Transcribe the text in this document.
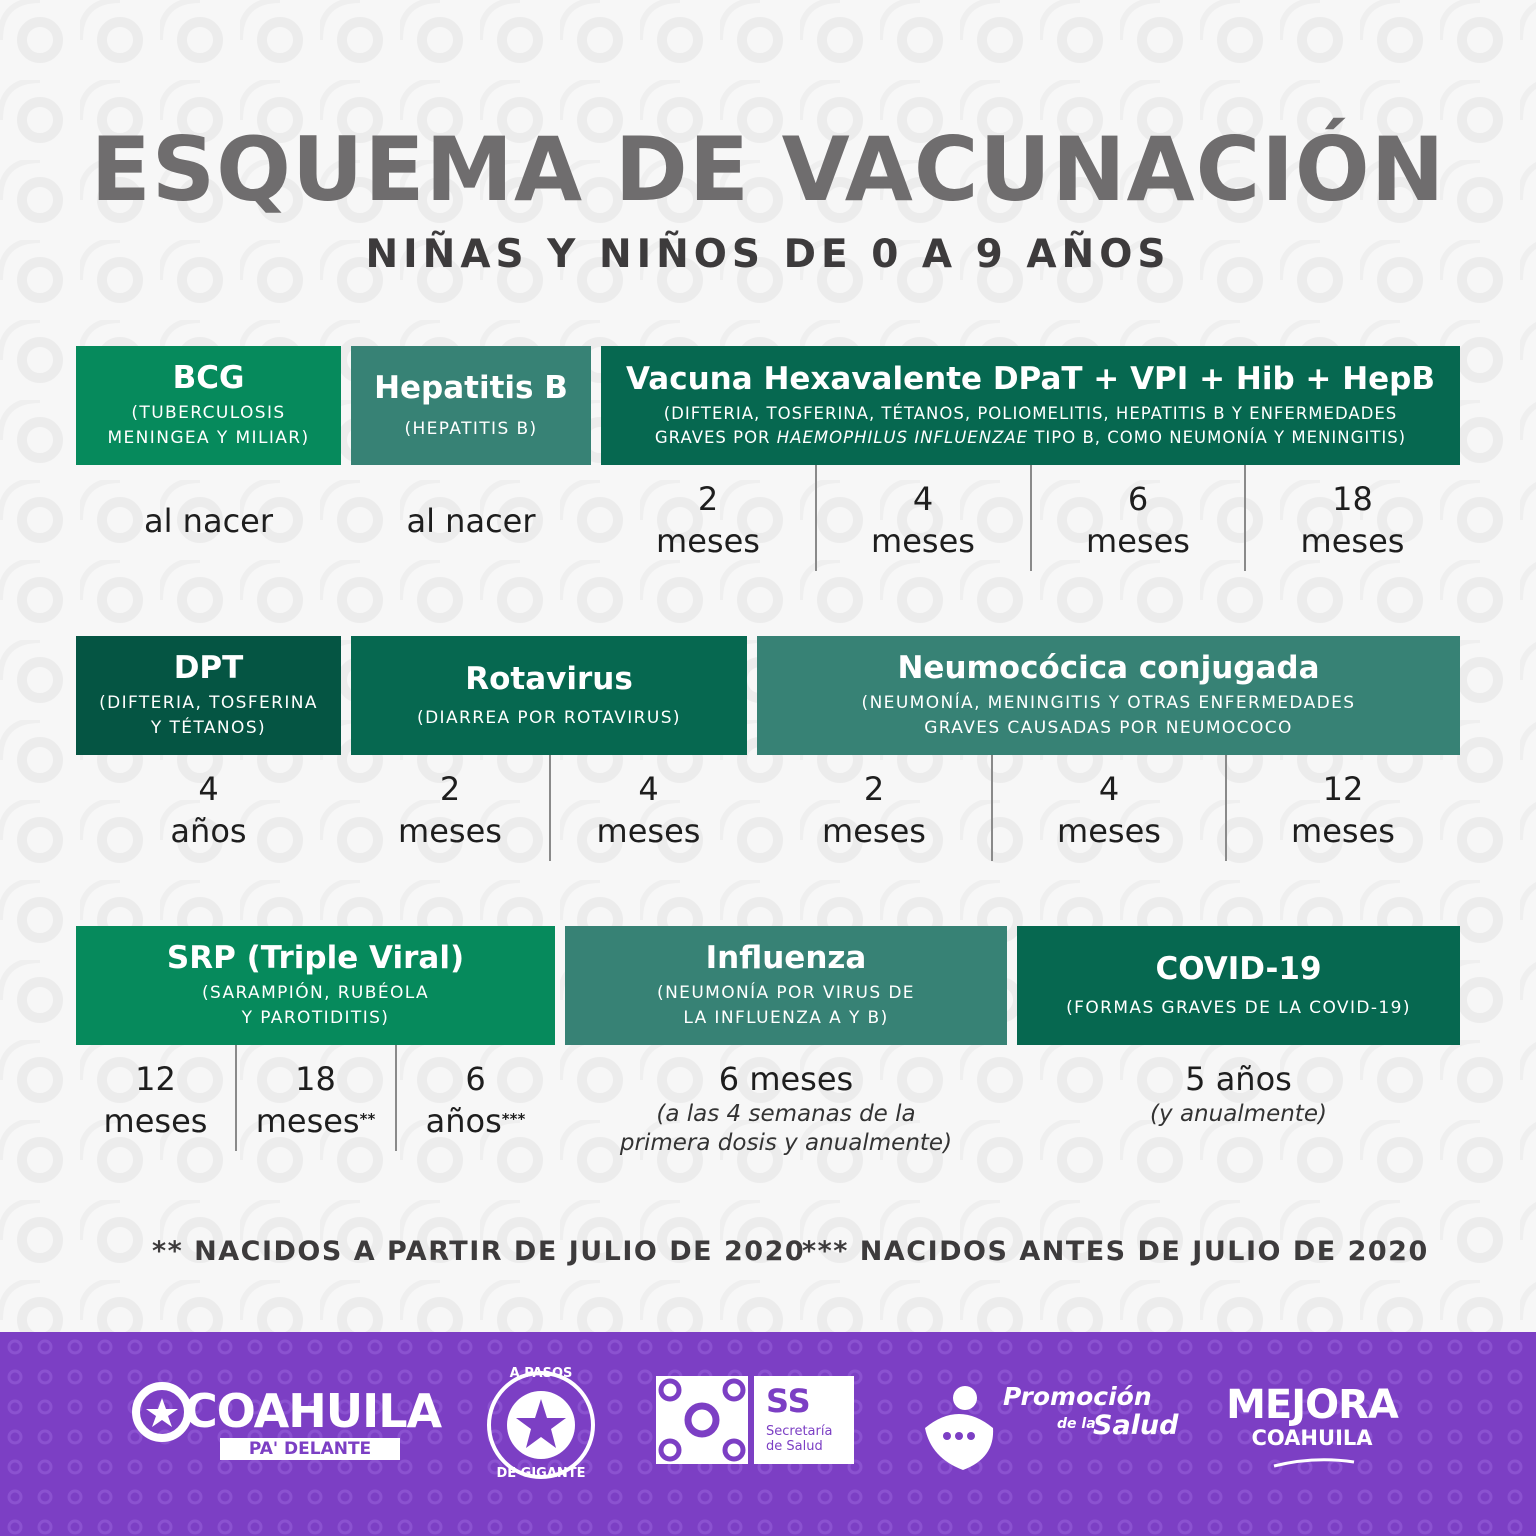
ESQUEMA DE VACUNACIÓN
NIÑAS Y NIÑOS DE 0 A 9 AÑOS
BCG
(TUBERCULOSIS
MENINGEA Y MILIAR)
Hepatitis B
(HEPATITIS B)
Vacuna Hexavalente DPaT + VPI + Hib + HepB
(DIFTERIA, TOSFERINA, TÉTANOS, POLIOMELITIS, HEPATITIS B Y ENFERMEDADES
GRAVES POR HAEMOPHILUS INFLUENZAE TIPO B, COMO NEUMONÍA Y MENINGITIS)
al nacer	al nacer
2
meses
4
meses
6
meses
18
meses
DPT
(DIFTERIA, TOSFERINA
Y TÉTANOS)
Rotavirus
(DIARREA POR ROTAVIRUS)
Neumocócica conjugada
(NEUMONÍA, MENINGITIS Y OTRAS ENFERMEDADES
GRAVES CAUSADAS POR NEUMOCOCO
4
años
2
meses
4
meses
2
meses
4
meses
12
meses
SRP (Triple Viral)
(SARAMPIÓN, RUBÉOLA
Y PAROTIDITIS)
Influenza
(NEUMONÍA POR VIRUS DE
LA INFLUENZA A Y B)
COVID-19
(FORMAS GRAVES DE LA COVID-19)
12
meses
18
meses**
6
años***
6 meses
(a las 4 semanas de la
primera dosis y anualmente)
5 años
(y anualmente)
** NACIDOS A PARTIR DE JULIO DE 2020
*** NACIDOS ANTES DE JULIO DE 2020
COAHUILA
PA' DELANTE
A PASOS
DE GIGANTE
SS
Secretaría
de Salud
Promoción
de la
Salud	MEJORA
COAHUILA
